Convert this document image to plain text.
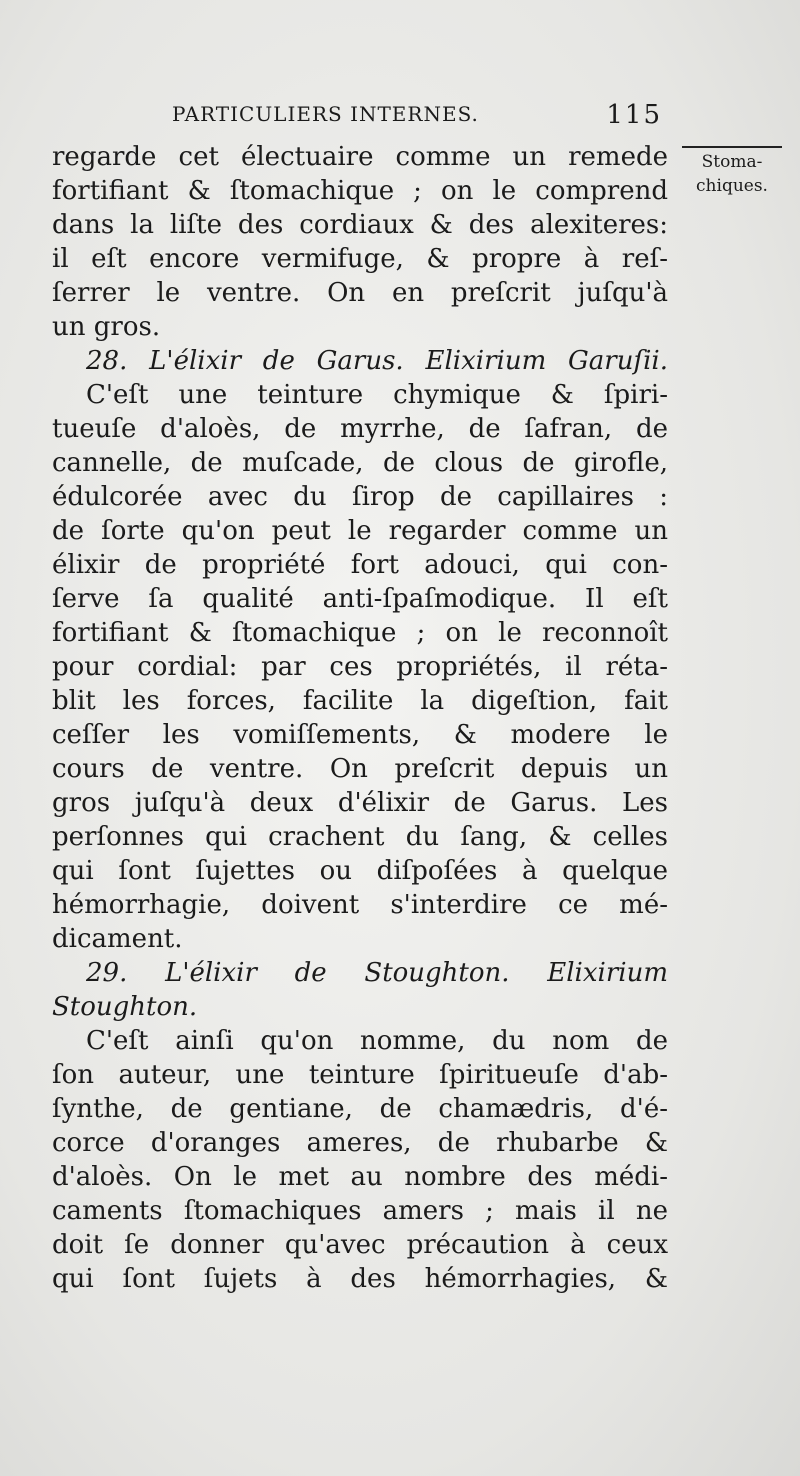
PARTICULIERS INTERNES.	115
Stoma-
chiques.
regarde cet électuaire comme un remede
fortifiant & ſtomachique ; on le comprend
dans la liſte des cordiaux & des alexiteres:
il eſt encore vermifuge, & propre à reſ-
ſerrer le ventre. On en preſcrit juſqu'à
un gros.
28. L'élixir de Garus. Elixirium Garuſii.
C'eſt une teinture chymique & ſpiri-
tueuſe d'aloès, de myrrhe, de ſafran, de
cannelle, de muſcade, de clous de girofle,
édulcorée avec du ſirop de capillaires :
de ſorte qu'on peut le regarder comme un
élixir de propriété fort adouci, qui con-
ſerve ſa qualité anti-ſpaſmodique. Il eſt
fortifiant & ſtomachique ; on le reconnoît
pour cordial: par ces propriétés, il réta-
blit les forces, facilite la digeſtion, fait
ceſſer les vomiſſements, & modere le
cours de ventre. On preſcrit depuis un
gros juſqu'à deux d'élixir de Garus. Les
perſonnes qui crachent du ſang, & celles
qui ſont ſujettes ou diſpoſées à quelque
hémorrhagie, doivent s'interdire ce mé-
dicament.
29. L'élixir de Stoughton. Elixirium
Stoughton.
C'eſt ainſi qu'on nomme, du nom de
ſon auteur, une teinture ſpiritueuſe d'ab-
ſynthe, de gentiane, de chamædris, d'é-
corce d'oranges ameres, de rhubarbe &
d'aloès. On le met au nombre des médi-
caments ſtomachiques amers ; mais il ne
doit ſe donner qu'avec précaution à ceux
qui ſont ſujets à des hémorrhagies, &
